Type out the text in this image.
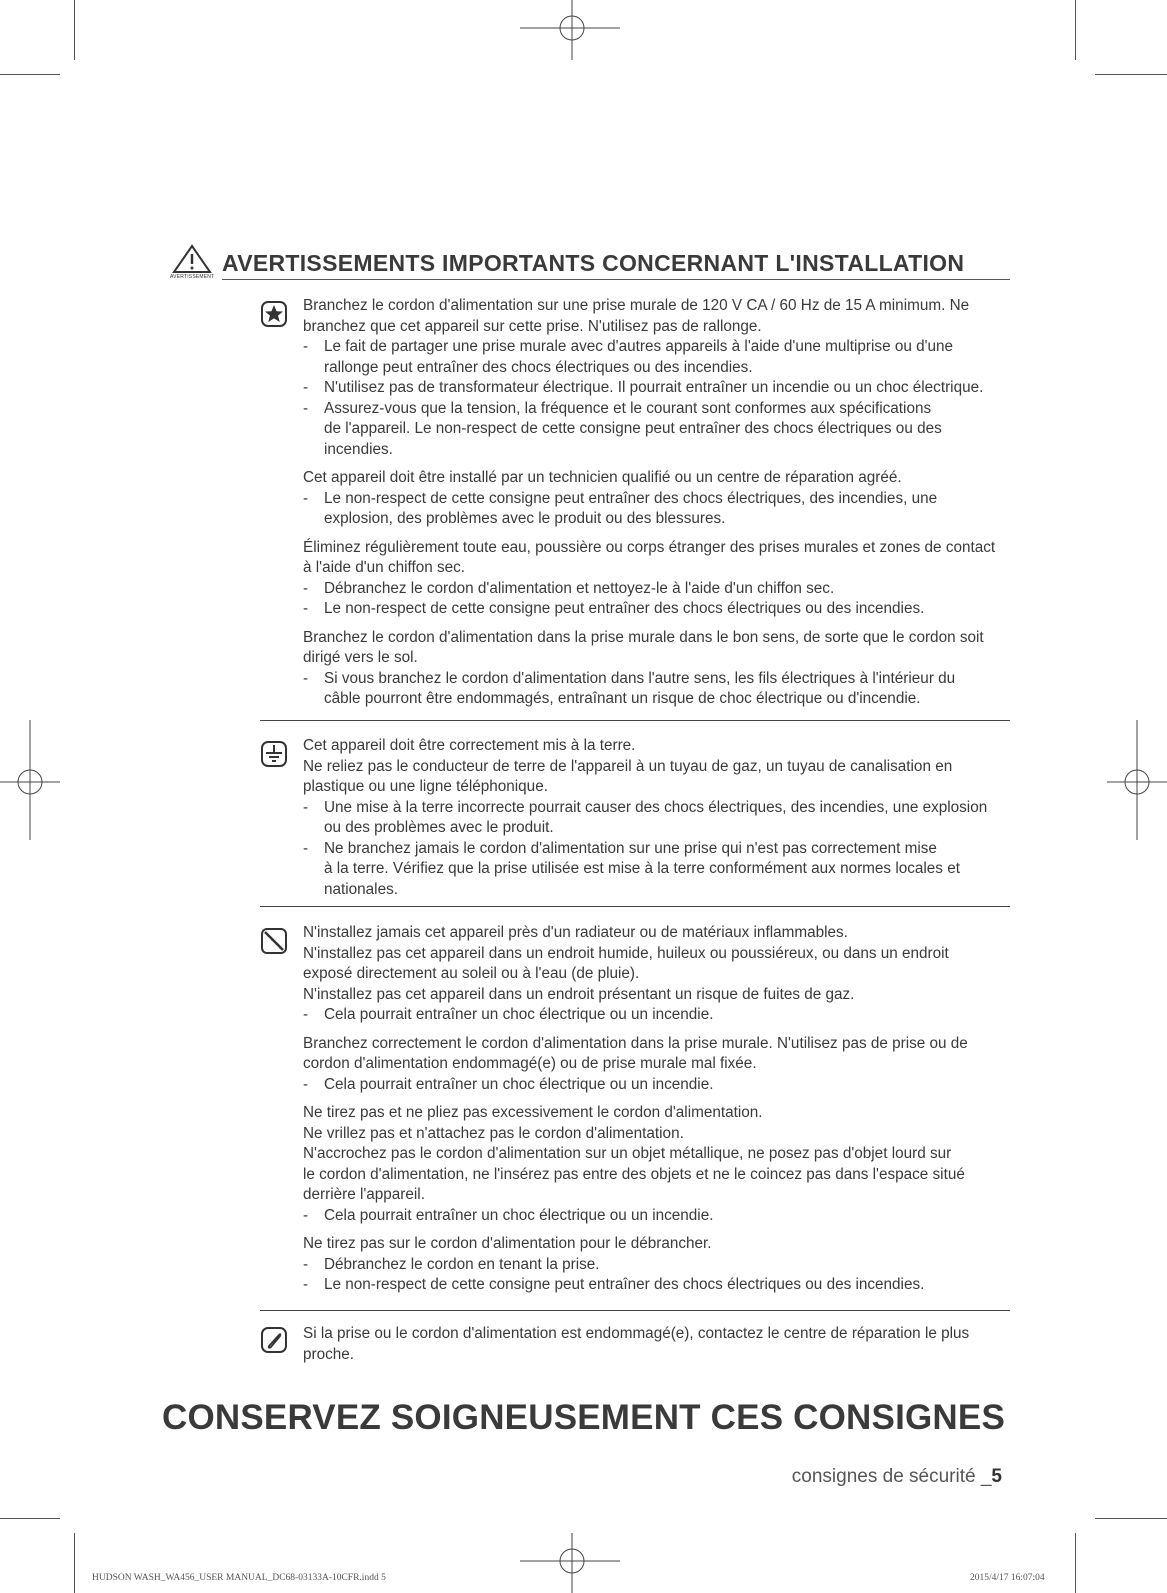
AVERTISSEMENT
AVERTISSEMENTS IMPORTANTS CONCERNANT L'INSTALLATION
Branchez le cordon d'alimentation sur une prise murale de 120 V CA / 60 Hz de 15 A minimum. Ne
branchez que cet appareil sur cette prise. N'utilisez pas de rallonge.
- Le fait de partager une prise murale avec d'autres appareils à l'aide d'une multiprise ou d'une
rallonge peut entraîner des chocs électriques ou des incendies.
- N'utilisez pas de transformateur électrique. Il pourrait entraîner un incendie ou un choc électrique.
- Assurez-vous que la tension, la fréquence et le courant sont conformes aux spécifications
de l'appareil. Le non-respect de cette consigne peut entraîner des chocs électriques ou des
incendies.
Cet appareil doit être installé par un technicien qualifié ou un centre de réparation agréé.
- Le non-respect de cette consigne peut entraîner des chocs électriques, des incendies, une
explosion, des problèmes avec le produit ou des blessures.
Éliminez régulièrement toute eau, poussière ou corps étranger des prises murales et zones de contact
à l'aide d'un chiffon sec.
- Débranchez le cordon d'alimentation et nettoyez-le à l'aide d'un chiffon sec.
- Le non-respect de cette consigne peut entraîner des chocs électriques ou des incendies.
Branchez le cordon d'alimentation dans la prise murale dans le bon sens, de sorte que le cordon soit
dirigé vers le sol.
- Si vous branchez le cordon d'alimentation dans l'autre sens, les fils électriques à l'intérieur du
câble pourront être endommagés, entraînant un risque de choc électrique ou d'incendie.
Cet appareil doit être correctement mis à la terre.
Ne reliez pas le conducteur de terre de l'appareil à un tuyau de gaz, un tuyau de canalisation en
plastique ou une ligne téléphonique.
- Une mise à la terre incorrecte pourrait causer des chocs électriques, des incendies, une explosion
ou des problèmes avec le produit.
- Ne branchez jamais le cordon d'alimentation sur une prise qui n'est pas correctement mise
à la terre. Vérifiez que la prise utilisée est mise à la terre conformément aux normes locales et
nationales.
N'installez jamais cet appareil près d'un radiateur ou de matériaux inflammables.
N'installez pas cet appareil dans un endroit humide, huileux ou poussiéreux, ou dans un endroit
exposé directement au soleil ou à l'eau (de pluie).
N'installez pas cet appareil dans un endroit présentant un risque de fuites de gaz.
- Cela pourrait entraîner un choc électrique ou un incendie.
Branchez correctement le cordon d'alimentation dans la prise murale. N'utilisez pas de prise ou de
cordon d'alimentation endommagé(e) ou de prise murale mal fixée.
- Cela pourrait entraîner un choc électrique ou un incendie.
Ne tirez pas et ne pliez pas excessivement le cordon d'alimentation.
Ne vrillez pas et n'attachez pas le cordon d'alimentation.
N'accrochez pas le cordon d'alimentation sur un objet métallique, ne posez pas d'objet lourd sur
le cordon d'alimentation, ne l'insérez pas entre des objets et ne le coincez pas dans l'espace situé
derrière l'appareil.
- Cela pourrait entraîner un choc électrique ou un incendie.
Ne tirez pas sur le cordon d'alimentation pour le débrancher.
- Débranchez le cordon en tenant la prise.
- Le non-respect de cette consigne peut entraîner des chocs électriques ou des incendies.
Si la prise ou le cordon d'alimentation est endommagé(e), contactez le centre de réparation le plus
proche.
CONSERVEZ SOIGNEUSEMENT CES CONSIGNES
consignes de sécurité _5
HUDSON WASH_WA456_USER MANUAL_DC68-03133A-10CFR.indd 5	2015/4/17 16:07:04
